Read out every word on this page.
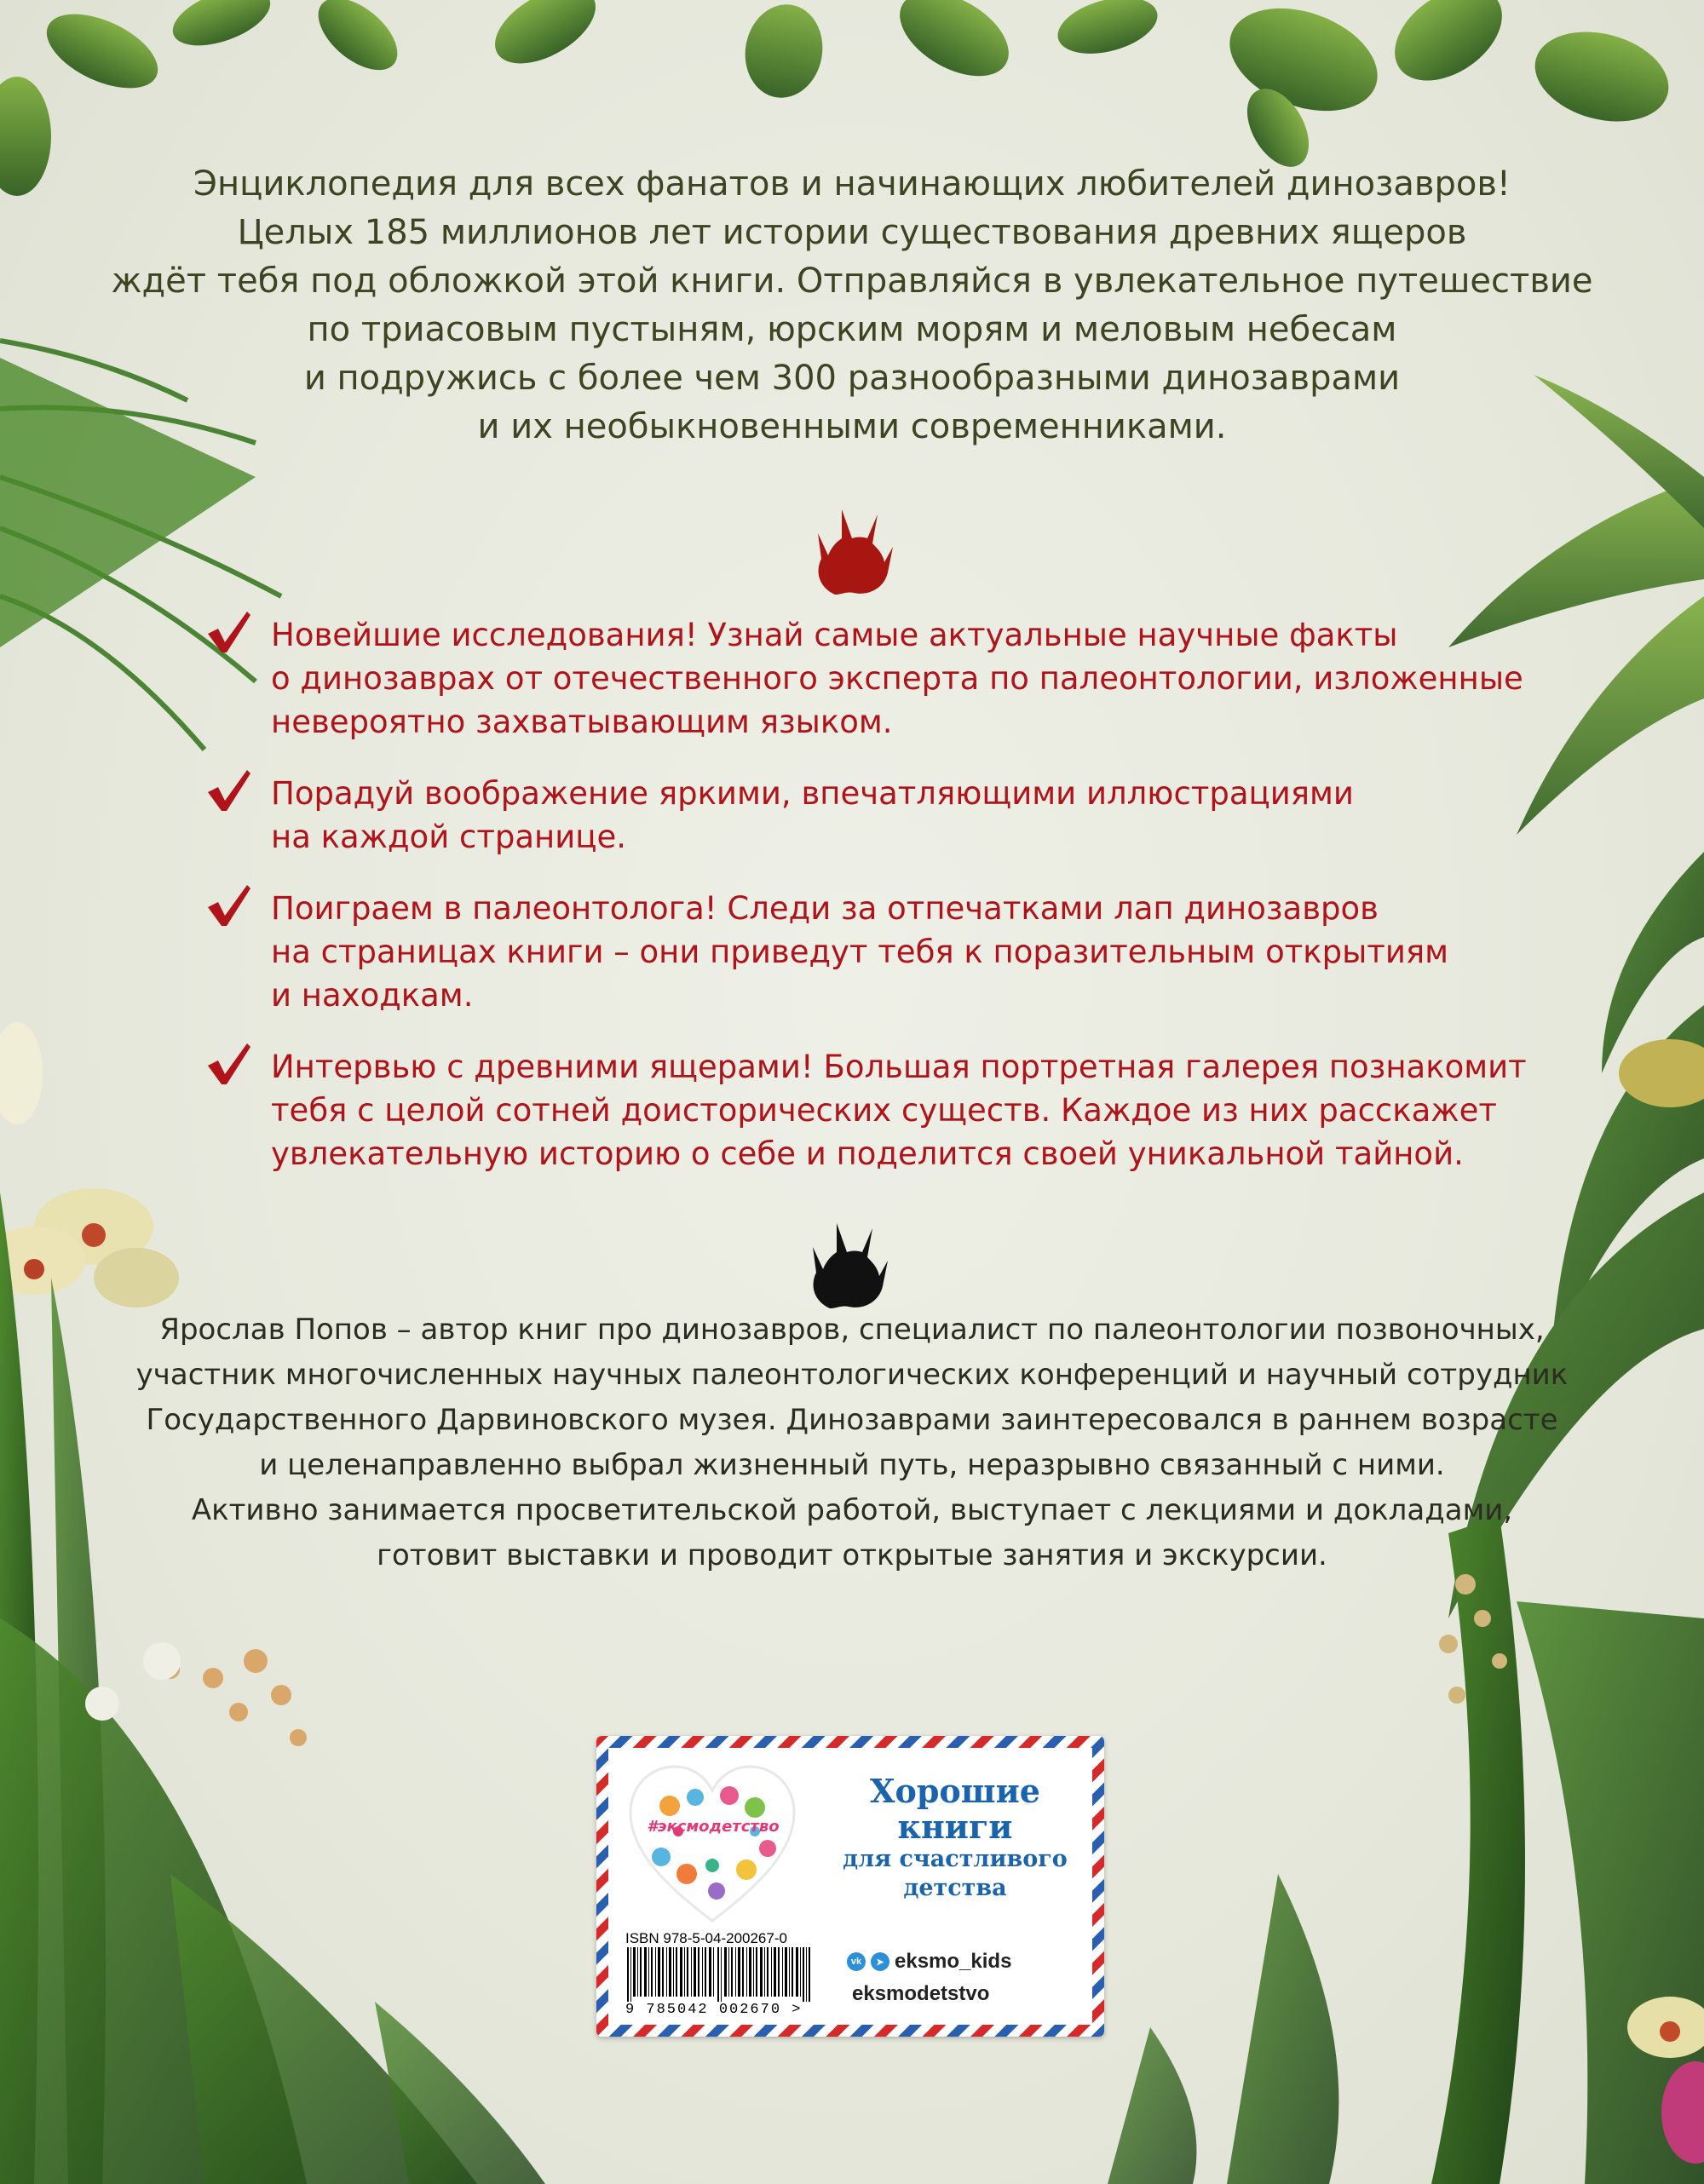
Энциклопедия для всех фанатов и начинающих любителей динозавров!
Целых 185 миллионов лет истории существования древних ящеров
ждёт тебя под обложкой этой книги. Отправляйся в увлекательное путешествие
по триасовым пустыням, юрским морям и меловым небесам
и подружись с более чем 300 разнообразными динозаврами
и их необыкновенными современниками.
Новейшие исследования! Узнай самые актуальные научные факты
о динозаврах от отечественного эксперта по палеонтологии, изложенные
невероятно захватывающим языком.
Порадуй воображение яркими, впечатляющими иллюстрациями
на каждой странице.
Поиграем в палеонтолога! Следи за отпечатками лап динозавров
на страницах книги – они приведут тебя к поразительным открытиям
и находкам.
Интервью с древними ящерами! Большая портретная галерея познакомит
тебя с целой сотней доисторических существ. Каждое из них расскажет
увлекательную историю о себе и поделится своей уникальной тайной.
Ярослав Попов – автор книг про динозавров, специалист по палеонтологии позвоночных,
участник многочисленных научных палеонтологических конференций и научный сотрудник
Государственного Дарвиновского музея. Динозаврами заинтересовался в раннем возрасте
и целенаправленно выбрал жизненный путь, неразрывно связанный с ними.
Активно занимается просветительской работой, выступает с лекциями и докладами,
готовит выставки и проводит открытые занятия и экскурсии.
#эксмодетство
Хорошие
книги
для счастливого
детства
ISBN 978-5-04-200267-0
9 785042 002670 >
vk	➤ eksmo_kids
eksmodetstvo
